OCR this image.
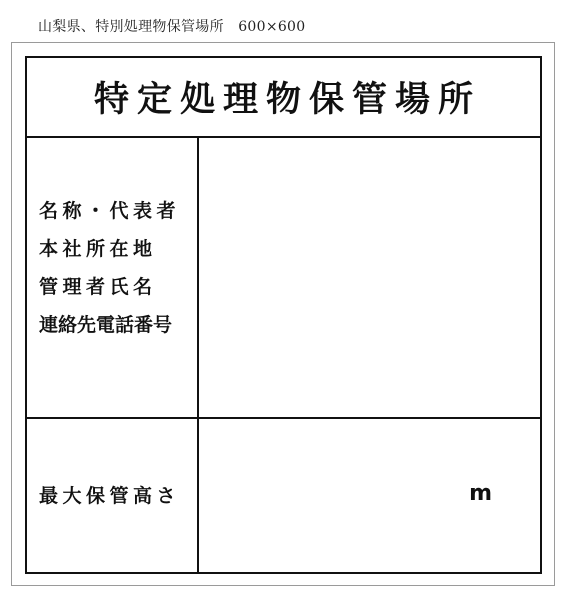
山梨県、特別処理物保管場所　600×600
特定処理物保管場所
名称・代表者
本社所在地
管理者氏名
連絡先電話番号
最大保管高さ	m
